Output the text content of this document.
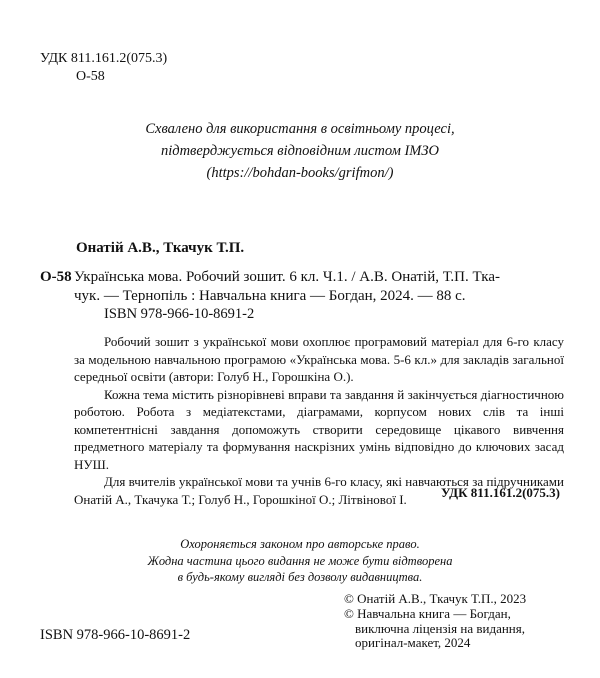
УДК 811.161.2(075.3)
О-58
Схвалено для використання в освітньому процесі,
підтверджується відповідним листом ІМЗО
(https://bohdan-books/grifmon/)
Онатій А.В., Ткачук Т.П.
О-58 Українська мова. Робочий зошит. 6 кл. Ч.1. / А.В. Онатій, Т.П. Тка-
чук. — Тернопіль : Навчальна книга — Богдан, 2024. — 88 с.
ISBN 978-966-10-8691-2

Робочий зошит з української мови охоплює програмовий матеріал для 6-го класу за модельною навчальною програмою «Українська мова. 5-6 кл.» для закладів загальної середньої освіти (автори: Голуб Н., Горошкіна О.).

Кожна тема містить різнорівневі вправи та завдання й закінчується діагностичною роботою. Робота з медіатекстами, діаграмами, корпусом нових слів та інші компетентнісні завдання допоможуть створити середовище цікавого вивчення предметного матеріалу та формування наскрізних умінь відповідно до ключових засад НУШ.

Для вчителів української мови та учнів 6-го класу, які навчаються за підручниками Онатій А., Ткачука Т.; Голуб Н., Горошкіної О.; Літвінової І.	УДК 811.161.2(075.3)
Охороняється законом про авторське право.
Жодна частина цього видання не може бути відтворена
в будь-якому вигляді без дозволу видавництва.
© Онатій А.В., Ткачук Т.П., 2023
© Навчальна книга — Богдан,
виключна ліцензія на видання,
оригінал-макет, 2024
ISBN 978-966-10-8691-2
